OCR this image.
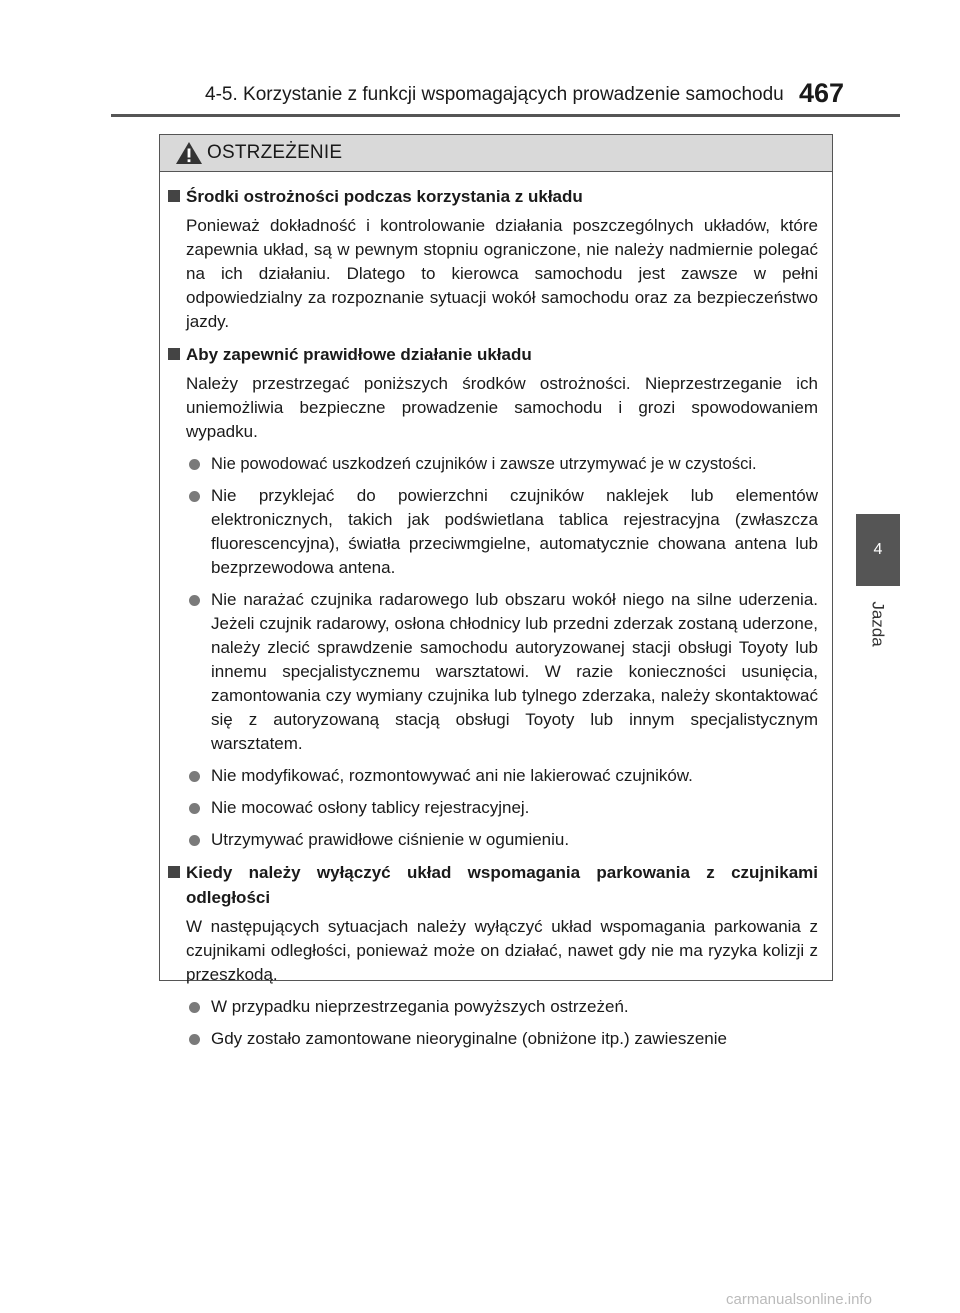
4-5. Korzystanie z funkcji wspomagających prowadzenie samochodu 467
4
Jazda
OSTRZEŻENIE
Środki ostrożności podczas korzystania z układu
Ponieważ dokładność i kontrolowanie działania poszczególnych układów, które zapewnia układ, są w pewnym stopniu ograniczone, nie należy nadmiernie polegać na ich działaniu. Dlatego to kierowca samochodu jest zawsze w pełni odpowiedzialny za rozpoznanie sytuacji wokół samochodu oraz za bezpieczeństwo jazdy.
Aby zapewnić prawidłowe działanie układu
Należy przestrzegać poniższych środków ostrożności. Nieprzestrzeganie ich uniemożliwia bezpieczne prowadzenie samochodu i grozi spowodowaniem wypadku.
Nie powodować uszkodzeń czujników i zawsze utrzymywać je w czystości.
Nie przyklejać do powierzchni czujników naklejek lub elementów elektronicznych, takich jak podświetlana tablica rejestracyjna (zwłaszcza fluorescencyjna), światła przeciwmgielne, automatycznie chowana antena lub bezprzewodowa antena.
Nie narażać czujnika radarowego lub obszaru wokół niego na silne uderzenia. Jeżeli czujnik radarowy, osłona chłodnicy lub przedni zderzak zostaną uderzone, należy zlecić sprawdzenie samochodu autoryzowanej stacji obsługi Toyoty lub innemu specjalistycznemu warsztatowi. W razie konieczności usunięcia, zamontowania czy wymiany czujnika lub tylnego zderzaka, należy skontaktować się z autoryzowaną stacją obsługi Toyoty lub innym specjalistycznym warsztatem.
Nie modyfikować, rozmontowywać ani nie lakierować czujników.
Nie mocować osłony tablicy rejestracyjnej.
Utrzymywać prawidłowe ciśnienie w ogumieniu.
Kiedy należy wyłączyć układ wspomagania parkowania z czujnikami odległości
W następujących sytuacjach należy wyłączyć układ wspomagania parkowania z czujnikami odległości, ponieważ może on działać, nawet gdy nie ma ryzyka kolizji z przeszkodą.
W przypadku nieprzestrzegania powyższych ostrzeżeń.
Gdy zostało zamontowane nieoryginalne (obniżone itp.) zawieszenie
carmanualsonline.info
